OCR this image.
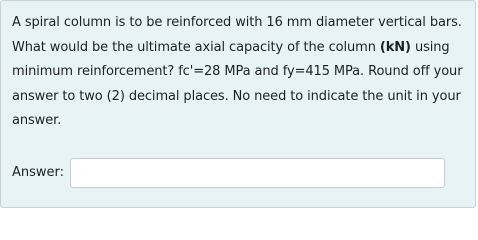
A spiral column is to be reinforced with 16 mm diameter vertical bars. What would be the ultimate axial capacity of the column (kN) using minimum reinforcement? fc'=28 MPa and fy=415 MPa. Round off your answer to two (2) decimal places. No need to indicate the unit in your answer.

Answer:
